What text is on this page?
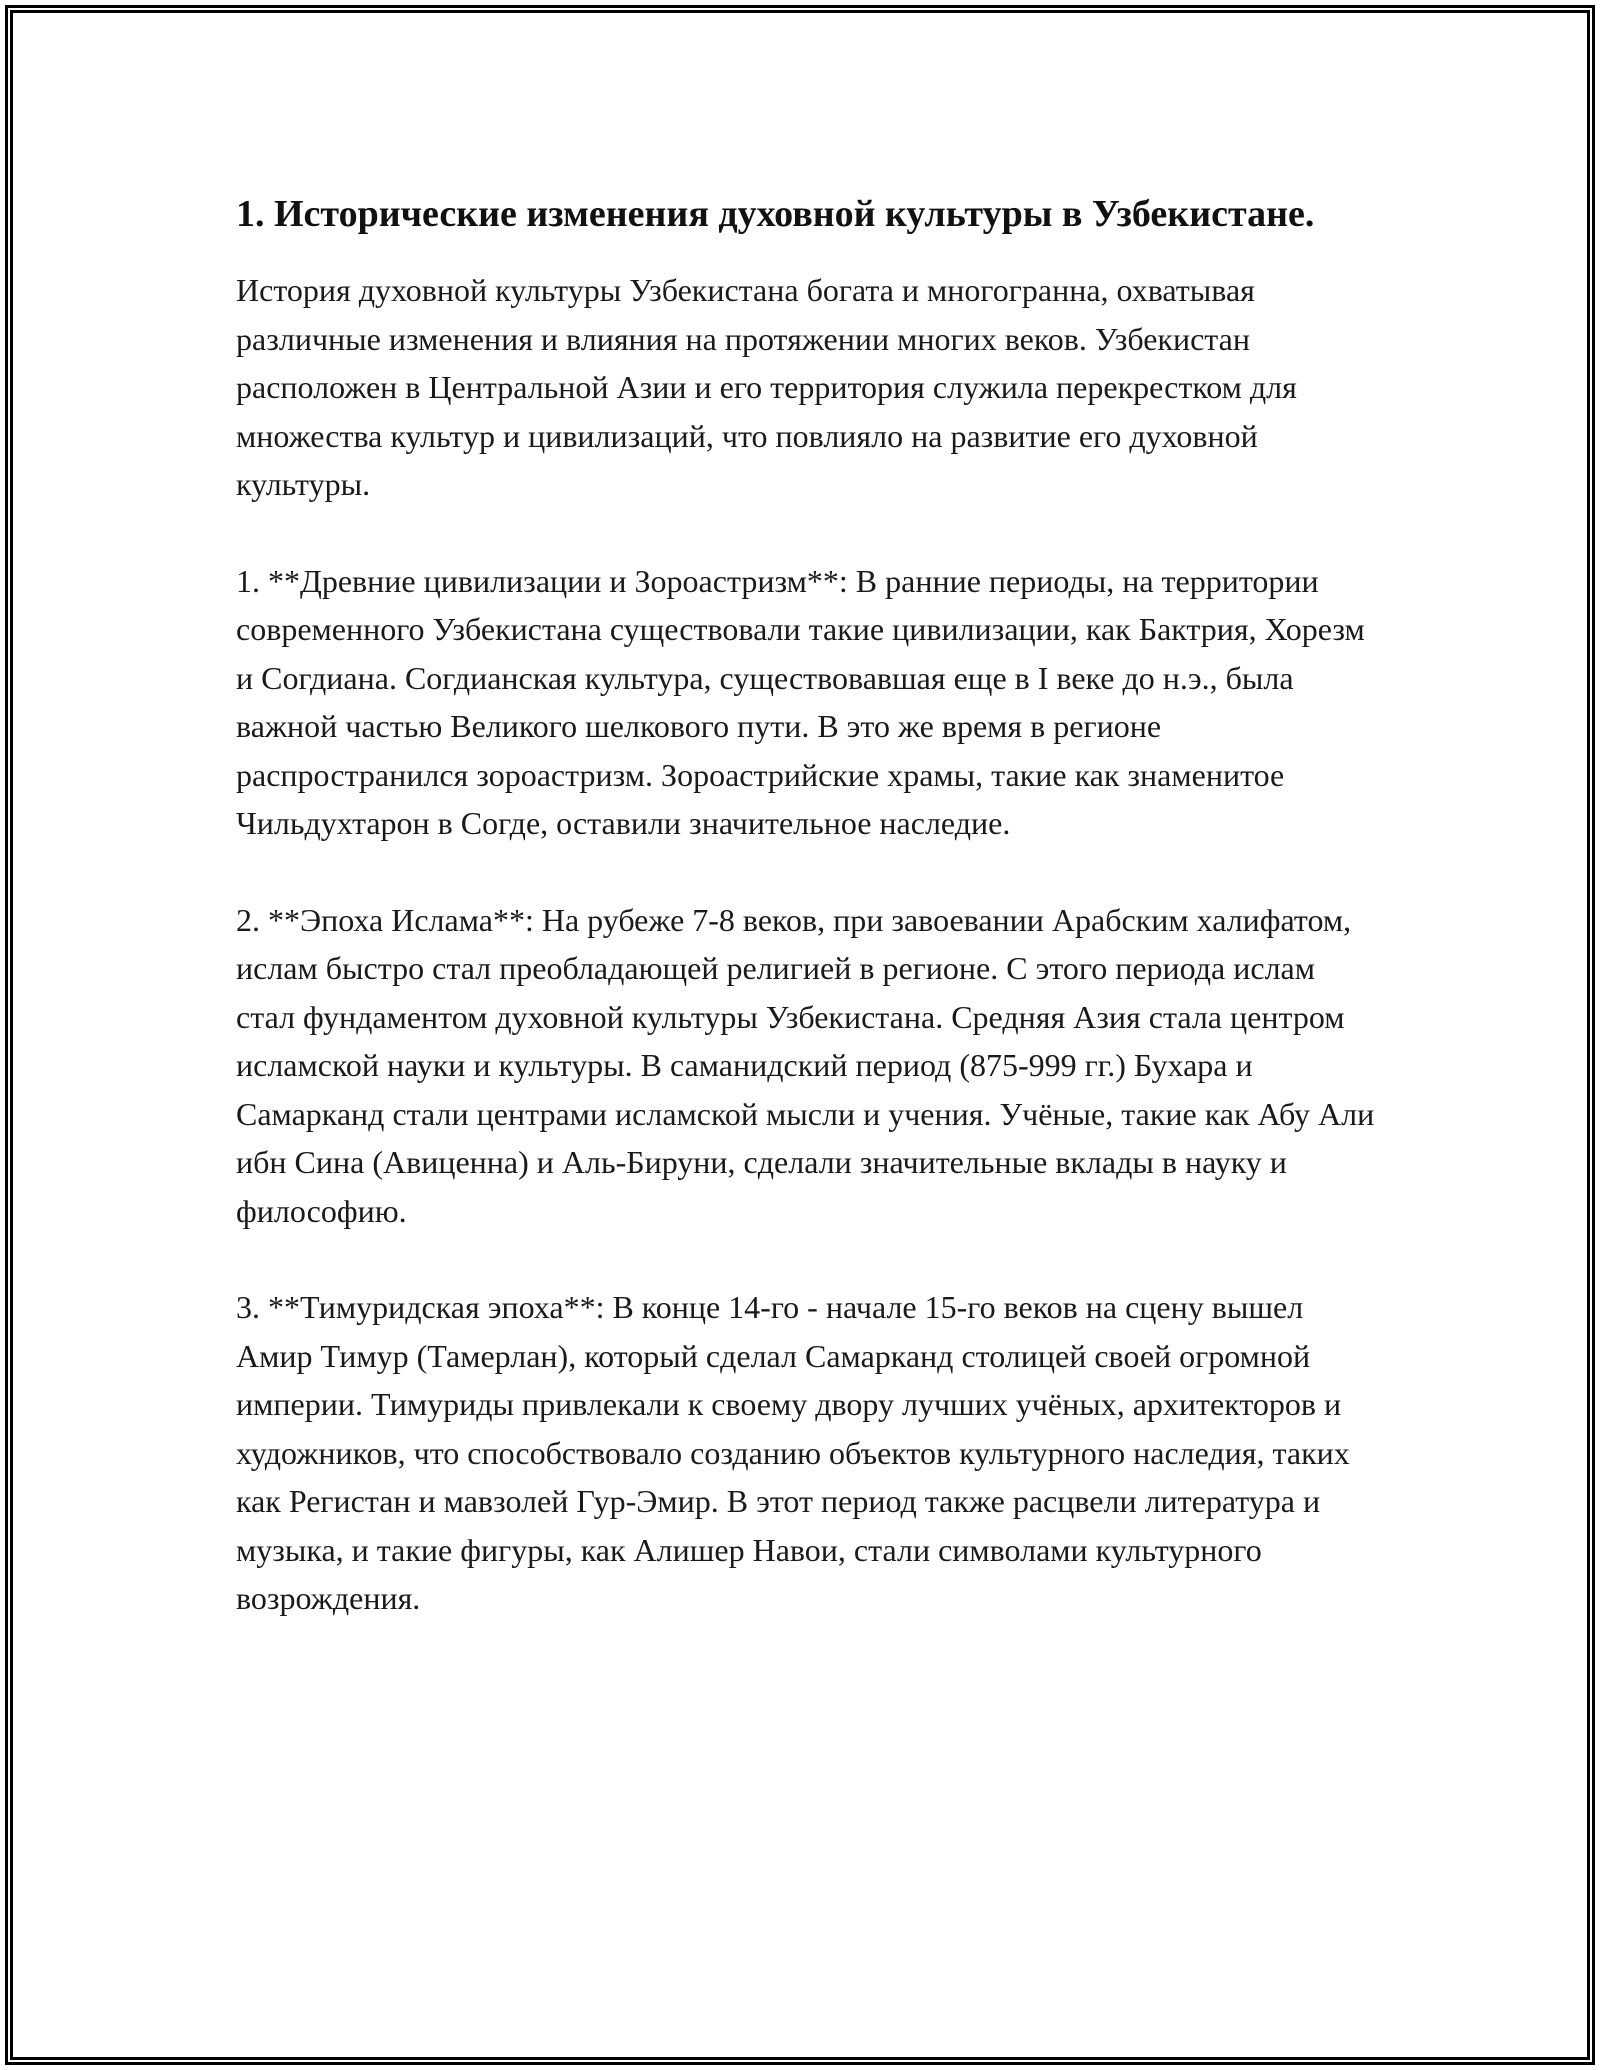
1. Исторические изменения духовной культуры в Узбекистане.

История духовной культуры Узбекистана богата и многогранна, охватывая различные изменения и влияния на протяжении многих веков. Узбекистан расположен в Центральной Азии и его территория служила перекрестком для множества культур и цивилизаций, что повлияло на развитие его духовной культуры.

1. **Древние цивилизации и Зороастризм**: В ранние периоды, на территории современного Узбекистана существовали такие цивилизации, как Бактрия, Хорезм и Согдиана. Согдианская культура, существовавшая еще в I веке до н.э., была важной частью Великого шелкового пути. В это же время в регионе распространился зороастризм. Зороастрийские храмы, такие как знаменитое Чильдухтарон в Согде, оставили значительное наследие.

2. **Эпоха Ислама**: На рубеже 7-8 веков, при завоевании Арабским халифатом, ислам быстро стал преобладающей религией в регионе. С этого периода ислам стал фундаментом духовной культуры Узбекистана. Средняя Азия стала центром исламской науки и культуры. В саманидский период (875-999 гг.) Бухара и Самарканд стали центрами исламской мысли и учения. Учёные, такие как Абу Али ибн Сина (Авиценна) и Аль-Бируни, сделали значительные вклады в науку и философию.

3. **Тимуридская эпоха**: В конце 14-го - начале 15-го веков на сцену вышел Амир Тимур (Тамерлан), который сделал Самарканд столицей своей огромной империи. Тимуриды привлекали к своему двору лучших учёных, архитекторов и художников, что способствовало созданию объектов культурного наследия, таких как Регистан и мавзолей Гур-Эмир. В этот период также расцвели литература и музыка, и такие фигуры, как Алишер Навои, стали символами культурного возрождения.
